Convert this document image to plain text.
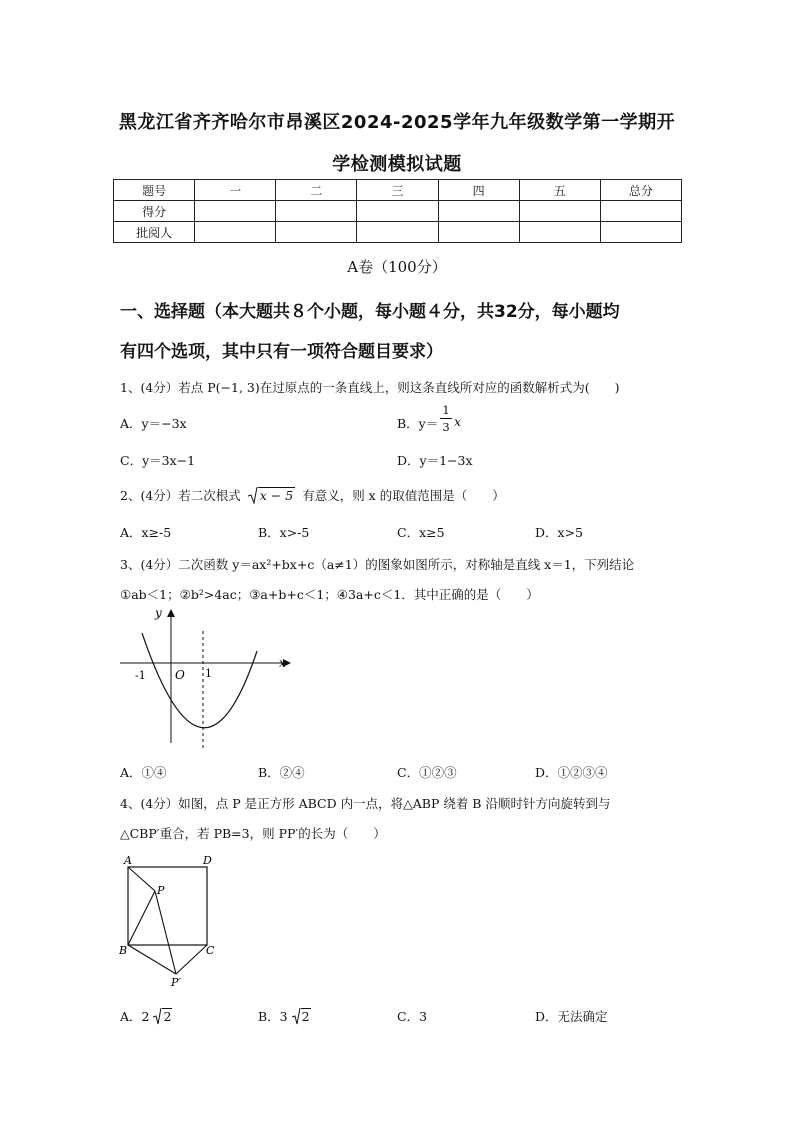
黑龙江省齐齐哈尔市昂溪区2024-2025学年九年级数学第一学期开
学检测模拟试题
题号	一	二	三	四	五	总分
得分						
批阅人						
A卷（100分）
一、选择题（本大题共８个小题，每小题４分，共32分，每小题均
有四个选项，其中只有一项符合题目要求）
1、(4分）若点 P(−1, 3)在过原点的一条直线上，则这条直线所对应的函数解析式为(　　)
A．y＝−3x	B．y＝
1
3 x
C．y＝3x−1	D．y＝1−3x
2、(4分）若二次根式 x − 5 有意义，则 x 的取值范围是（　　）
A．x≥-5	B．x>-5	C．x≥5	D．x>5
3、(4分）二次函数 y＝ax²+bx+c（a≠1）的图象如图所示，对称轴是直线 x＝1，下列结论
①ab＜1；②b²>4ac；③a+b+c＜1；④3a+c＜1．其中正确的是（　　）
y
x
O
-1	1
A．①④	B．②④	C．①②③	D．①②③④
4、(4分）如图，点 P 是正方形 ABCD 内一点，将△ABP 绕着 B 沿顺时针方向旋转到与
△CBP′重合，若 PB=3，则 PP′的长为（　　）
A	D
P
B	C
P′
A．2 2	B．3 2	C．3	D．无法确定
